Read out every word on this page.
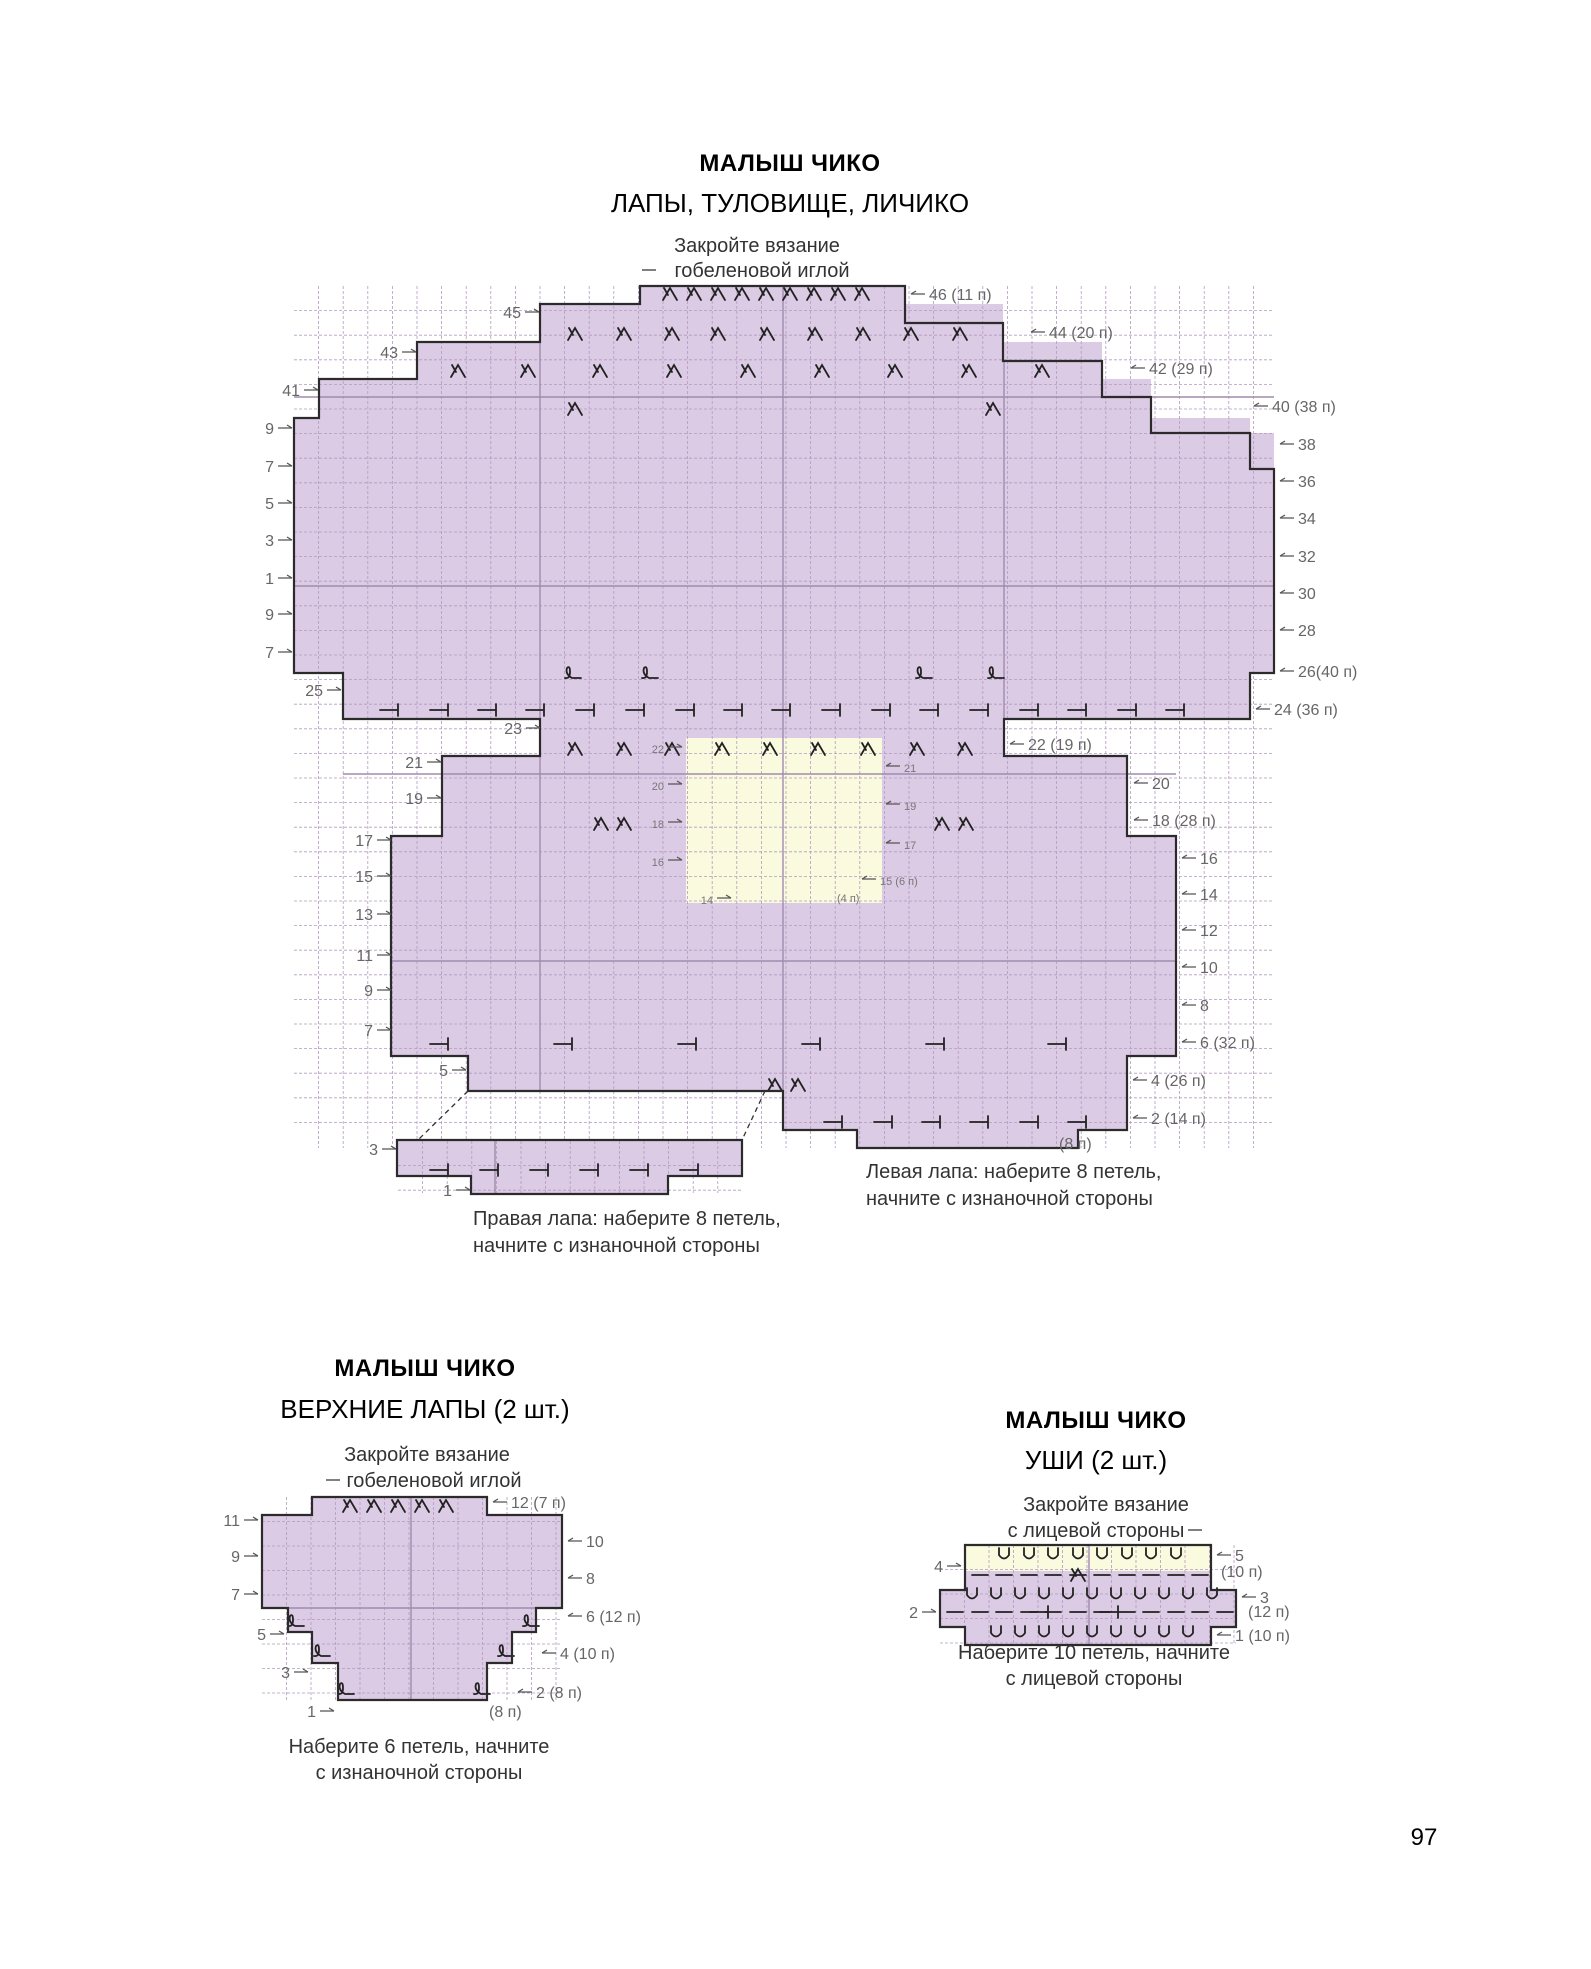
МАЛЫШ ЧИКО
ЛАПЫ, ТУЛОВИЩЕ, ЛИЧИКО
Закройте вязание
гобеленовой иглой
45
43
41
9
7
5
3
1
9
7
25
23
21
19
17
15
13
11
9
7
5
3
1
46 (11 п)
44 (20 п)
42 (29 п)
40 (38 п)
38
36
34
32
30
28
26(40 п)
24 (36 п)
22 (19 п)
20
18 (28 п)
16
14
12
10
8
6 (32 п)
4 (26 п)
2 (14 п)
(8 п)
22
21
20
19
18
17
16
15 (6 п)
14	(4 п)
Левая лапа: наберите 8 петель,
начните с изнаночной стороны
Правая лапа: наберите 8 петель,
начните с изнаночной стороны
МАЛЫШ ЧИКО
ВЕРХНИЕ ЛАПЫ (2 шт.)
Закройте вязание
гобеленовой иглой
11
9
7
5
3
1
12 (7 п)
10
8
6 (12 п)
4 (10 п)
2 (8 п)
(8 п)
Наберите 6 петель, начните
с изнаночной стороны
МАЛЫШ ЧИКО
УШИ (2 шт.)
Закройте вязание
с лицевой стороны
4
2
5
(10 п)
3
(12 п)
1 (10 п)
Наберите 10 петель, начните
с лицевой стороны
97
